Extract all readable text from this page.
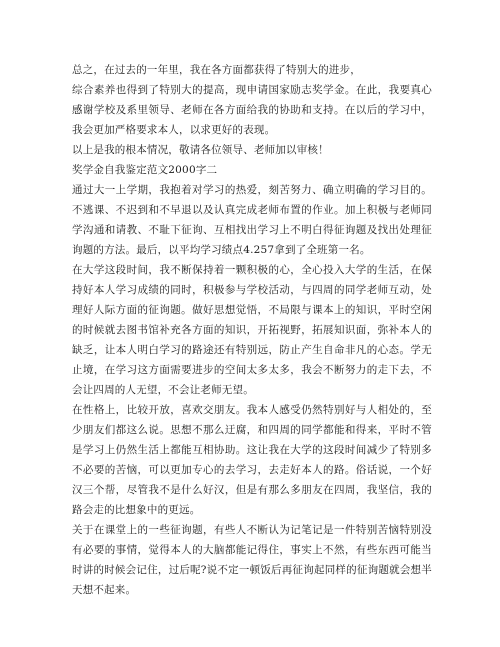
总之，在过去的一年里，我在各方面都获得了特别大的进步，

综合素养也得到了特别大的提高，现申请国家励志奖学金。在此，我要真心感谢学校及系里领导、老师在各方面给我的协助和支持。在以后的学习中，我会更加严格要求本人，以求更好的表现。

以上是我的根本情况，敬请各位领导、老师加以审核！

奖学金自我鉴定范文2000字二

通过大一上学期，我抱着对学习的热爱，刻苦努力、确立明确的学习目的。不逃课、不迟到和不早退以及认真完成老师布置的作业。加上积极与老师同学沟通和请教、不耻下征询、互相找出学习上不明白得征询题及找出处理征询题的方法。最后，以平均学习绩点4.257拿到了全班第一名。

在大学这段时间，我不断保持着一颗积极的心，全心投入大学的生活，在保持好本人学习成绩的同时，积极参与学校活动，与四周的同学老师互动，处理好人际方面的征询题。做好思想觉悟，不局限与课本上的知识，平时空闲的时候就去图书馆补充各方面的知识，开拓视野，拓展知识面，弥补本人的缺乏，让本人明白学习的路途还有特别远，防止产生自命非凡的心态。学无止境，在学习这方面需要进步的空间太多太多，我会不断努力的走下去，不会让四周的人无望，不会让老师无望。

在性格上，比较开放，喜欢交朋友。我本人感受仍然特别好与人相处的，至少朋友们都这么说。思想不那么迂腐，和四周的同学都能和得来，平时不管是学习上仍然生活上都能互相协助。这让我在大学的这段时间减少了特别多不必要的苦恼，可以更加专心的去学习，去走好本人的路。俗话说，一个好汉三个帮，尽管我不是什么好汉，但是有那么多朋友在四周，我坚信，我的路会走的比想象中的更远。

关于在课堂上的一些征询题，有些人不断认为记笔记是一件特别苦恼特别没有必要的事情，觉得本人的大脑都能记得住，事实上不然，有些东西可能当时讲的时候会记住，过后呢?说不定一顿饭后再征询起同样的征询题就会想半天想不起来。
